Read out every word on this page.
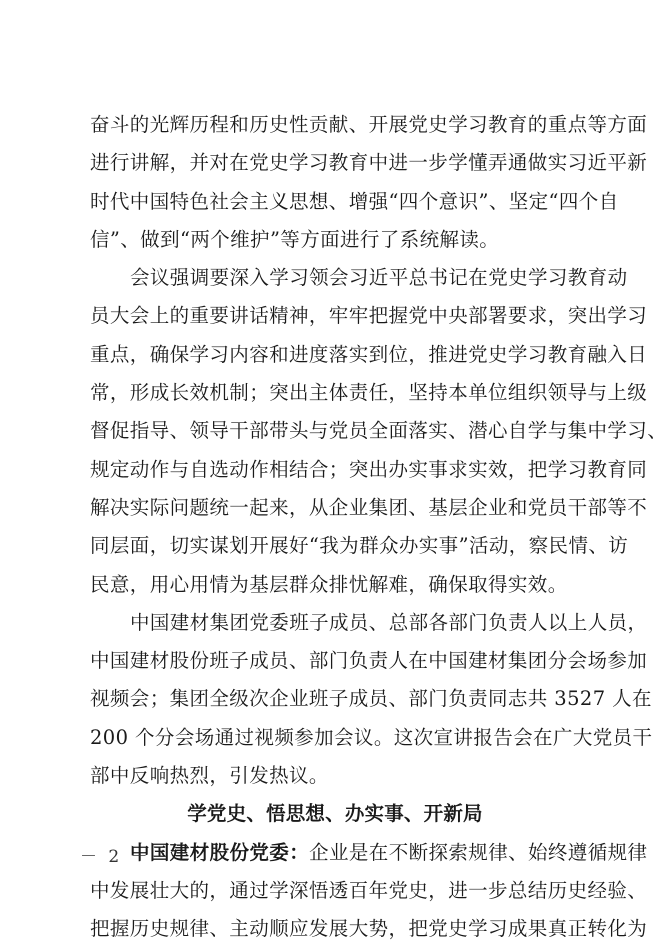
奋斗的光辉历程和历史性贡献、开展党史学习教育的重点等方面
进行讲解，并对在党史学习教育中进一步学懂弄通做实习近平新
时代中国特色社会主义思想、增强“四个意识”、坚定“四个自
信”、做到“两个维护”等方面进行了系统解读。
会议强调要深入学习领会习近平总书记在党史学习教育动
员大会上的重要讲话精神，牢牢把握党中央部署要求，突出学习
重点，确保学习内容和进度落实到位，推进党史学习教育融入日
常，形成长效机制；突出主体责任，坚持本单位组织领导与上级
督促指导、领导干部带头与党员全面落实、潜心自学与集中学习、
规定动作与自选动作相结合；突出办实事求实效，把学习教育同
解决实际问题统一起来，从企业集团、基层企业和党员干部等不
同层面，切实谋划开展好“我为群众办实事”活动，察民情、访
民意，用心用情为基层群众排忧解难，确保取得实效。
中国建材集团党委班子成员、总部各部门负责人以上人员，
中国建材股份班子成员、部门负责人在中国建材集团分会场参加
视频会；集团全级次企业班子成员、部门负责同志共 3527 人在
200 个分会场通过视频参加会议。这次宣讲报告会在广大党员干
部中反响热烈，引发热议。
学党史、悟思想、办实事、开新局
中国建材股份党委：企业是在不断探索规律、始终遵循规律
中发展壮大的，通过学深悟透百年党史，进一步总结历史经验、
把握历史规律、主动顺应发展大势，把党史学习成果真正转化为
－ 2 －
